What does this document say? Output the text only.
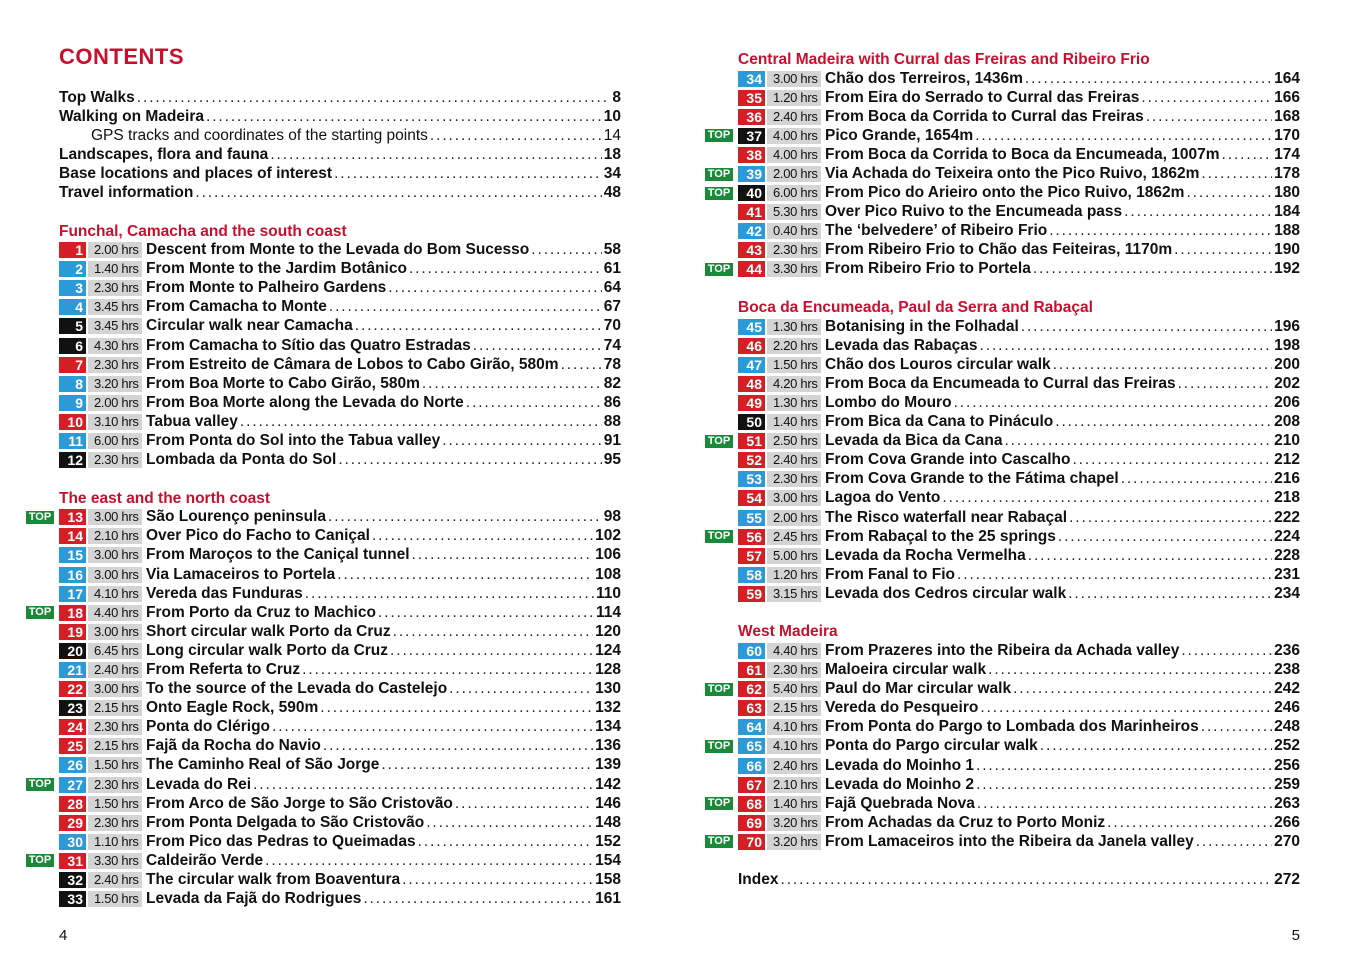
CONTENTS
Top Walks . . .	8
Walking on Madeira . . .	10
GPS tracks and coordinates of the starting points . . .	14
Landscapes, flora and fauna . . .	18
Base locations and places of interest . . .	34
Travel information . . .	48
Funchal, Camacha and the south coast
1 2.00 hrs Descent from Monte to the Levada do Bom Sucesso . . .	58
2 1.40 hrs From Monte to the Jardim Botânico . . .	61
3 2.30 hrs From Monte to Palheiro Gardens . . .	64
4 3.45 hrs From Camacha to Monte . . .	67
5 3.45 hrs Circular walk near Camacha . . .	70
6 4.30 hrs From Camacha to Sítio das Quatro Estradas . . .	74
7 2.30 hrs From Estreito de Câmara de Lobos to Cabo Girão, 580m . . .	78
8 3.20 hrs From Boa Morte to Cabo Girão, 580m . . .	82
9 2.00 hrs From Boa Morte along the Levada do Norte . . .	86
10 3.10 hrs Tabua valley . . .	88
11 6.00 hrs From Ponta do Sol into the Tabua valley . . .	91
12 2.30 hrs Lombada da Ponta do Sol . . .	95
The east and the north coast
TOP	13 3.00 hrs São Lourenço peninsula . . .	98
14 2.10 hrs Over Pico do Facho to Caniçal . . .	102
15 3.00 hrs From Maroços to the Caniçal tunnel . . .	106
16 3.00 hrs Via Lamaceiros to Portela . . .	108
17 4.10 hrs Vereda das Funduras . . .	110
TOP	18 4.40 hrs From Porto da Cruz to Machico . . .	114
19 3.00 hrs Short circular walk Porto da Cruz . . .	120
20 6.45 hrs Long circular walk Porto da Cruz . . .	124
21 2.40 hrs From Referta to Cruz . . .	128
22 3.00 hrs To the source of the Levada do Castelejo . . .	130
23 2.15 hrs Onto Eagle Rock, 590m . . .	132
24 2.30 hrs Ponta do Clérigo . . .	134
25 2.15 hrs Fajã da Rocha do Navio . . .	136
26 1.50 hrs The Caminho Real of São Jorge . . .	139
TOP	27 2.30 hrs Levada do Rei . . .	142
28 1.50 hrs From Arco de São Jorge to São Cristovão . . .	146
29 2.30 hrs From Ponta Delgada to São Cristovão . . .	148
30 1.10 hrs From Pico das Pedras to Queimadas . . .	152
TOP	31 3.30 hrs Caldeirão Verde . . .	154
32 2.40 hrs The circular walk from Boaventura . . .	158
33 1.50 hrs Levada da Fajã do Rodrigues . . .	161
4
Central Madeira with Curral das Freiras and Ribeiro Frio
34 3.00 hrs Chão dos Terreiros, 1436m . . .	164
35 1.20 hrs From Eira do Serrado to Curral das Freiras . . .	166
36 2.40 hrs From Boca da Corrida to Curral das Freiras . . .	168
TOP	37 4.00 hrs Pico Grande, 1654m . . .	170
38 4.00 hrs From Boca da Corrida to Boca da Encumeada, 1007m . . .	174
TOP	39 2.00 hrs Via Achada do Teixeira onto the Pico Ruivo, 1862m . . .	178
TOP	40 6.00 hrs From Pico do Arieiro onto the Pico Ruivo, 1862m . . .	180
41 5.30 hrs Over Pico Ruivo to the Encumeada pass . . .	184
42 0.40 hrs The ‘belvedere’ of Ribeiro Frio . . .	188
43 2.30 hrs From Ribeiro Frio to Chão das Feiteiras, 1170m . . .	190
TOP	44 3.30 hrs From Ribeiro Frio to Portela . . .	192
Boca da Encumeada, Paul da Serra and Rabaçal
45 1.30 hrs Botanising in the Folhadal . . .	196
46 2.20 hrs Levada das Rabaças . . .	198
47 1.50 hrs Chão dos Louros circular walk . . .	200
48 4.20 hrs From Boca da Encumeada to Curral das Freiras . . .	202
49 1.30 hrs Lombo do Mouro . . .	206
50 1.40 hrs From Bica da Cana to Pináculo . . .	208
TOP	51 2.50 hrs Levada da Bica da Cana . . .	210
52 2.40 hrs From Cova Grande into Cascalho . . .	212
53 2.30 hrs From Cova Grande to the Fátima chapel . . .	216
54 3.00 hrs Lagoa do Vento . . .	218
55 2.00 hrs The Risco waterfall near Rabaçal . . .	222
TOP	56 2.45 hrs From Rabaçal to the 25 springs . . .	224
57 5.00 hrs Levada da Rocha Vermelha . . .	228
58 1.20 hrs From Fanal to Fio . . .	231
59 3.15 hrs Levada dos Cedros circular walk . . .	234
West Madeira
60 4.40 hrs From Prazeres into the Ribeira da Achada valley . . .	236
61 2.30 hrs Maloeira circular walk . . .	238
TOP	62 5.40 hrs Paul do Mar circular walk . . .	242
63 2.15 hrs Vereda do Pesqueiro . . .	246
64 4.10 hrs From Ponta do Pargo to Lombada dos Marinheiros . . .	248
TOP	65 4.10 hrs Ponta do Pargo circular walk . . .	252
66 2.40 hrs Levada do Moinho 1 . . .	256
67 2.10 hrs Levada do Moinho 2 . . .	259
TOP	68 1.40 hrs Fajã Quebrada Nova . . .	263
69 3.20 hrs From Achadas da Cruz to Porto Moniz . . .	266
TOP	70 3.20 hrs From Lamaceiros into the Ribeira da Janela valley . . .	270
Index . . .	272
5
